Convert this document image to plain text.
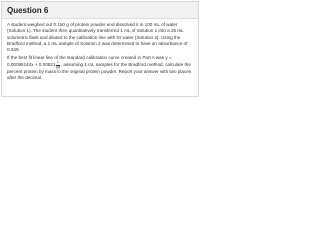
Question 6

A student weighed out 0.150 g of protein powder and dissolved it in 100 mL of water (Solution 1). The student then quantitatively transferred 1 mL of Solution 1 into a 25 mL volumetric flask and diluted to the calibration line with DI water (Solution 2). Using the Bradford method, a 1 mL sample of Solution 2 was determined to have an absorbance of 0.349.

If the best fit linear line of the standard calibration curve created in Part A was $y = 0.00095144x + 0.00521 \frac{L}{\mu g}$ , assuming 1 mL samples for the Bradford method, calculate the percent protein by mass in the original protein powder. Report your answer with two places after the decimal.
